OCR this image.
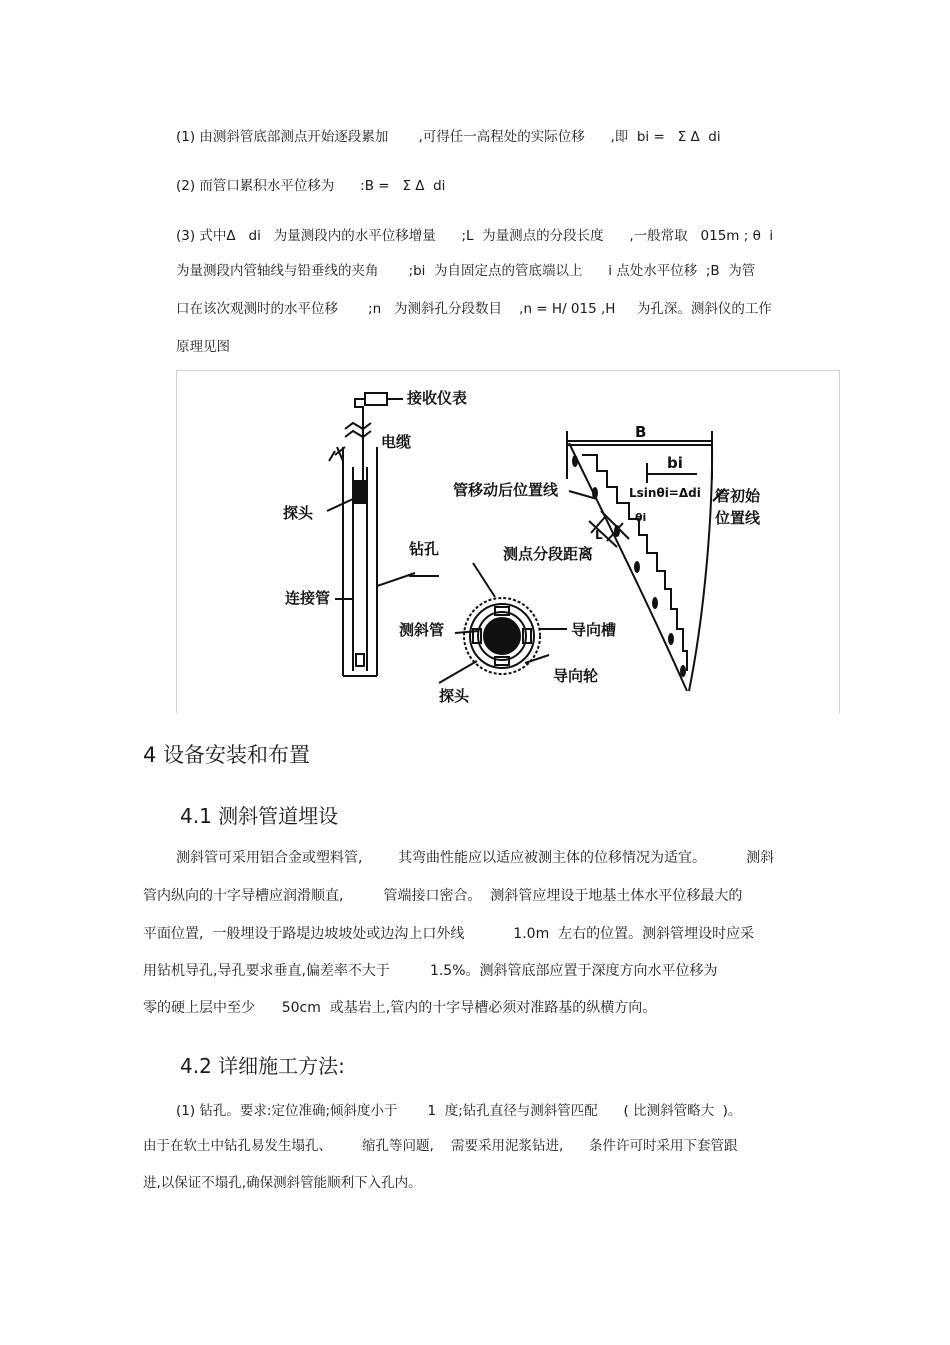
(1) 由测斜管底部测点开始逐段累加       ,可得任一高程处的实际位移      ,即  bi =   Σ Δ  di
(2) 而管口累积水平位移为      :B =   Σ Δ  di
(3) 式中Δ   di   为量测段内的水平位移增量      ;L  为量测点的分段长度      ,一般常取   015m ; θ  i
为量测段内管轴线与铅垂线的夹角       ;bi  为自固定点的管底端以上      i 点处水平位移  ;B  为管
口在该次观测时的水平位移       ;n   为测斜孔分段数目    ,n = H/ 015 ,H     为孔深。测斜仪的工作
原理见图
接收仪表
电缆
探头
钻孔
连接管
测斜管	导向槽
导向轮
探头
B
bi
管移动后位置线	Lsinθi=Δdi
θi
L
测点分段距离
管初始
位置线
4 设备安装和布置
4.1 测斜管道埋设
测斜管可采用铝合金或塑料管,        其弯曲性能应以适应被测主体的位移情况为适宜。         测斜
管内纵向的十字导槽应润滑顺直,         管端接口密合。  测斜管应埋设于地基土体水平位移最大的
平面位置,  一般埋设于路堤边坡坡处或边沟上口外线           1.0m  左右的位置。测斜管埋设时应采
用钻机导孔,导孔要求垂直,偏差率不大于         1.5%。测斜管底部应置于深度方向水平位移为
零的硬上层中至少      50cm  或基岩上,管内的十字导槽必须对准路基的纵横方向。
4.2 详细施工方法:
(1) 钻孔。要求:定位准确;倾斜度小于       1  度;钻孔直径与测斜管匹配      ( 比测斜管略大  )。
由于在软土中钻孔易发生塌孔、       缩孔等问题,    需要采用泥浆钻进,      条件许可时采用下套管跟
进,以保证不塌孔,确保测斜管能顺利下入孔内。
